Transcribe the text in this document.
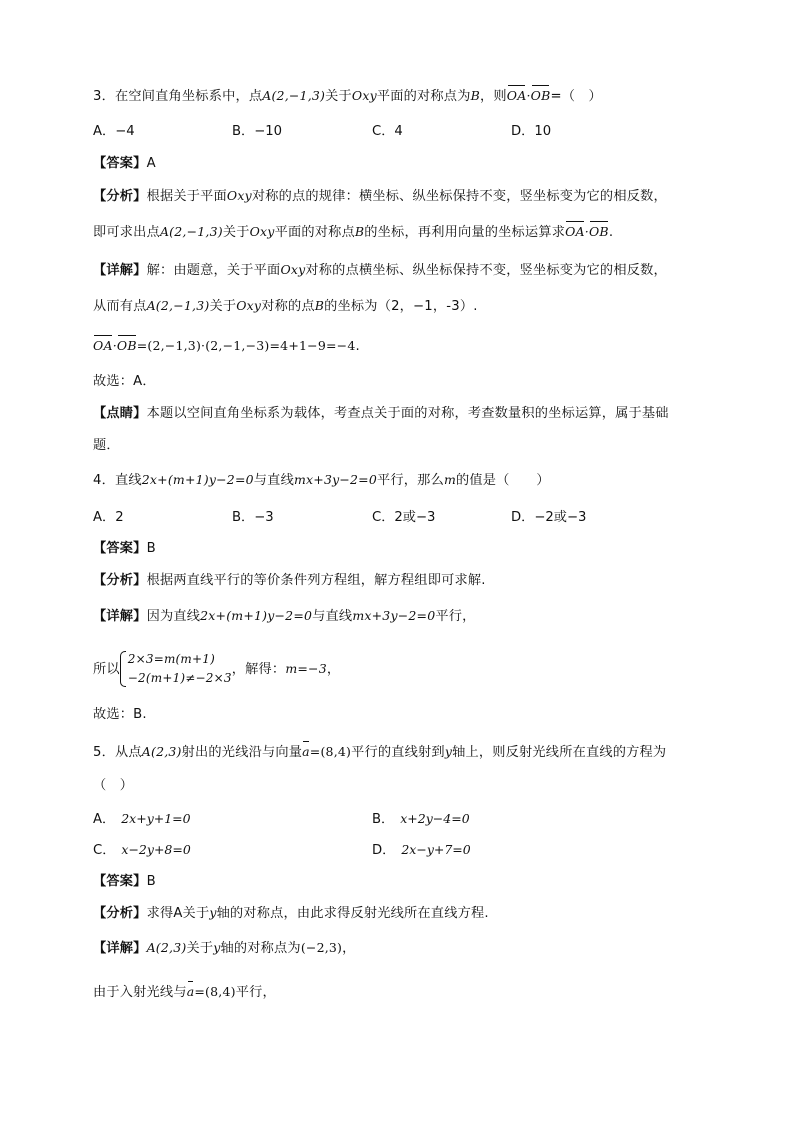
3．在空间直角坐标系中，点A(2,−1,3)关于Oxy平面的对称点为B，则OA·OB=（　）
A．−4	B．−10	C．4	D．10
【答案】A
【分析】根据关于平面Oxy对称的点的规律：横坐标、纵坐标保持不变，竖坐标变为它的相反数，
即可求出点A(2,−1,3)关于Oxy平面的对称点B的坐标，再利用向量的坐标运算求OA·OB.
【详解】解：由题意，关于平面Oxy对称的点横坐标、纵坐标保持不变，竖坐标变为它的相反数，
从而有点A(2,−1,3)关于Oxy对称的点B的坐标为（2，−1，-3）.
OA·OB=(2,−1,3)·(2,−1,−3)=4+1−9=−4.
故选：A．
【点睛】本题以空间直角坐标系为载体，考查点关于面的对称，考查数量积的坐标运算，属于基础
题．
4．直线2x+(m+1)y−2=0与直线mx+3y−2=0平行，那么m的值是（　　）
A．2	B．−3	C．2或−3	D．−2或−3
【答案】B
【分析】根据两直线平行的等价条件列方程组，解方程组即可求解.
【详解】因为直线2x+(m+1)y−2=0与直线mx+3y−2=0平行，
所以
2×3=m(m+1)
−2(m+1)≠−2×3
，解得：m=−3，
故选：B.
5．从点A(2,3)射出的光线沿与向量a=(8,4)平行的直线射到y轴上，则反射光线所在直线的方程为
（　）
A． 2x+y+1=0	B． x+2y−4=0
C． x−2y+8=0	D． 2x−y+7=0
【答案】B
【分析】求得A关于y轴的对称点，由此求得反射光线所在直线方程.
【详解】A(2,3)关于y轴的对称点为(−2,3)，
由于入射光线与a=(8,4)平行，
